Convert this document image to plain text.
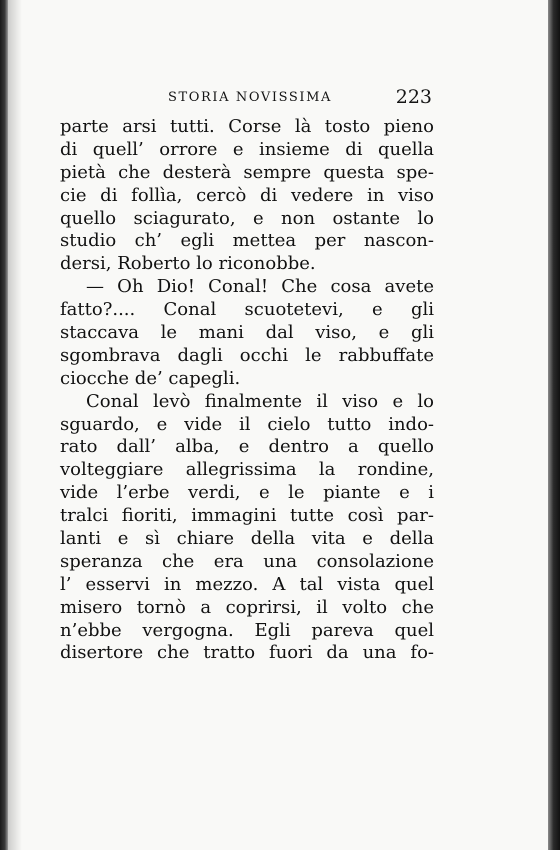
STORIA NOVISSIMA	223
parte arsi tutti. Corse là tosto pieno
di quell’ orrore e insieme di quella
pietà che desterà sempre questa spe-
cie di follìa, cercò di vedere in viso
quello sciagurato, e non ostante lo
studio ch’ egli mettea per nascon-
dersi, Roberto lo riconobbe.
— Oh Dio! Conal! Che cosa avete
fatto?.... Conal scuotetevi, e gli
staccava le mani dal viso, e gli
sgombrava dagli occhi le rabbuffate
ciocche de’ capegli.
Conal levò finalmente il viso e lo
sguardo, e vide il cielo tutto indo-
rato dall’ alba, e dentro a quello
volteggiare allegrissima la rondine,
vide l’erbe verdi, e le piante e i
tralci fioriti, immagini tutte così par-
lanti e sì chiare della vita e della
speranza che era una consolazione
l’ esservi in mezzo. A tal vista quel
misero tornò a coprirsi, il volto che
n’ebbe vergogna. Egli pareva quel
disertore che tratto fuori da una fo-
